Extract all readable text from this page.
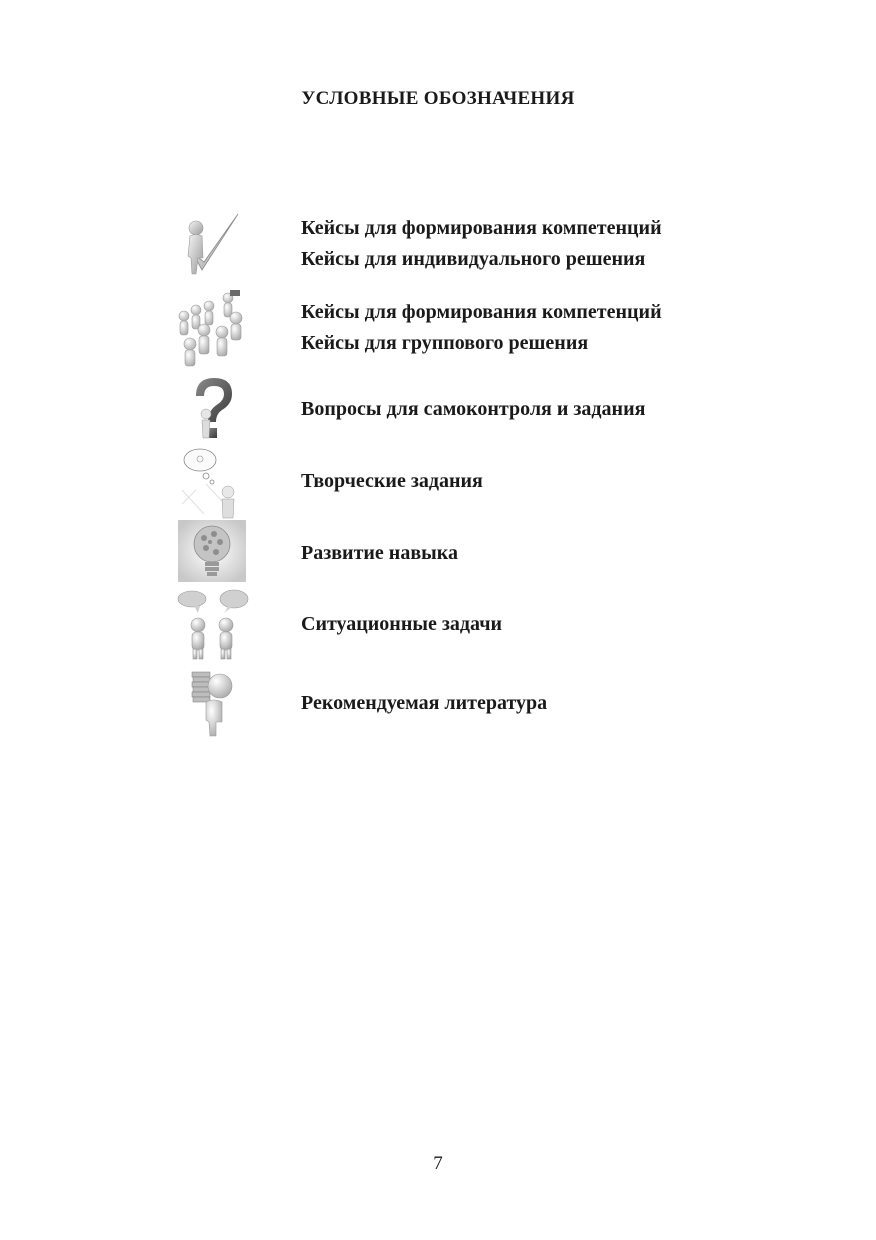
УСЛОВНЫЕ ОБОЗНАЧЕНИЯ
Кейсы для формирования компетенций
Кейсы для индивидуального решения
Кейсы для формирования компетенций
Кейсы для группового решения
Вопросы для самоконтроля и задания
Творческие задания
Развитие навыка
Ситуационные задачи
Рекомендуемая литература
7
